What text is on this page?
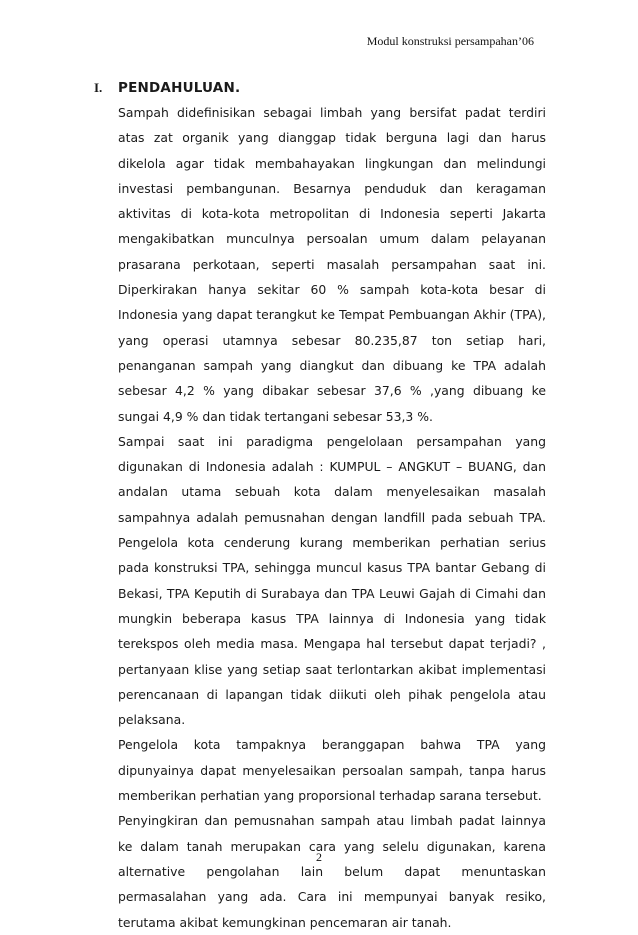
Modul konstruksi persampahan’06
I.	PENDAHULUAN.

Sampah didefinisikan sebagai limbah yang bersifat padat terdiri atas zat organik yang dianggap tidak berguna lagi dan harus dikelola agar tidak membahayakan lingkungan dan melindungi investasi pembangunan. Besarnya penduduk dan keragaman aktivitas di kota-kota metropolitan di Indonesia seperti Jakarta mengakibatkan munculnya persoalan umum dalam pelayanan prasarana perkotaan, seperti masalah persampahan saat ini. Diperkirakan hanya sekitar 60 % sampah kota-kota besar di Indonesia yang dapat terangkut ke Tempat Pembuangan Akhir (TPA), yang operasi utamnya sebesar 80.235,87 ton setiap hari, penanganan sampah yang diangkut dan dibuang ke TPA adalah sebesar 4,2 % yang dibakar sebesar 37,6 % ,yang dibuang ke sungai 4,9 % dan tidak tertangani sebesar 53,3 %.

Sampai saat ini paradigma pengelolaan persampahan yang digunakan di Indonesia adalah : KUMPUL – ANGKUT – BUANG, dan andalan utama sebuah kota dalam menyelesaikan masalah sampahnya adalah pemusnahan dengan landfill pada sebuah TPA. Pengelola kota cenderung kurang memberikan perhatian serius pada konstruksi TPA, sehingga muncul kasus TPA bantar Gebang di Bekasi, TPA Keputih di Surabaya dan TPA Leuwi Gajah di Cimahi dan mungkin beberapa kasus TPA lainnya di Indonesia yang tidak terekspos oleh media masa. Mengapa hal tersebut dapat terjadi? , pertanyaan klise yang setiap saat terlontarkan akibat implementasi perencanaan di lapangan tidak diikuti oleh pihak pengelola atau pelaksana.

Pengelola kota tampaknya beranggapan bahwa TPA yang dipunyainya dapat menyelesaikan persoalan sampah, tanpa harus memberikan perhatian yang proporsional terhadap sarana tersebut.

Penyingkiran dan pemusnahan sampah atau limbah padat lainnya ke dalam tanah merupakan cara yang selelu digunakan, karena alternative pengolahan lain belum dapat menuntaskan permasalahan yang ada. Cara ini mempunyai banyak resiko, terutama akibat kemungkinan pencemaran air tanah.

2
